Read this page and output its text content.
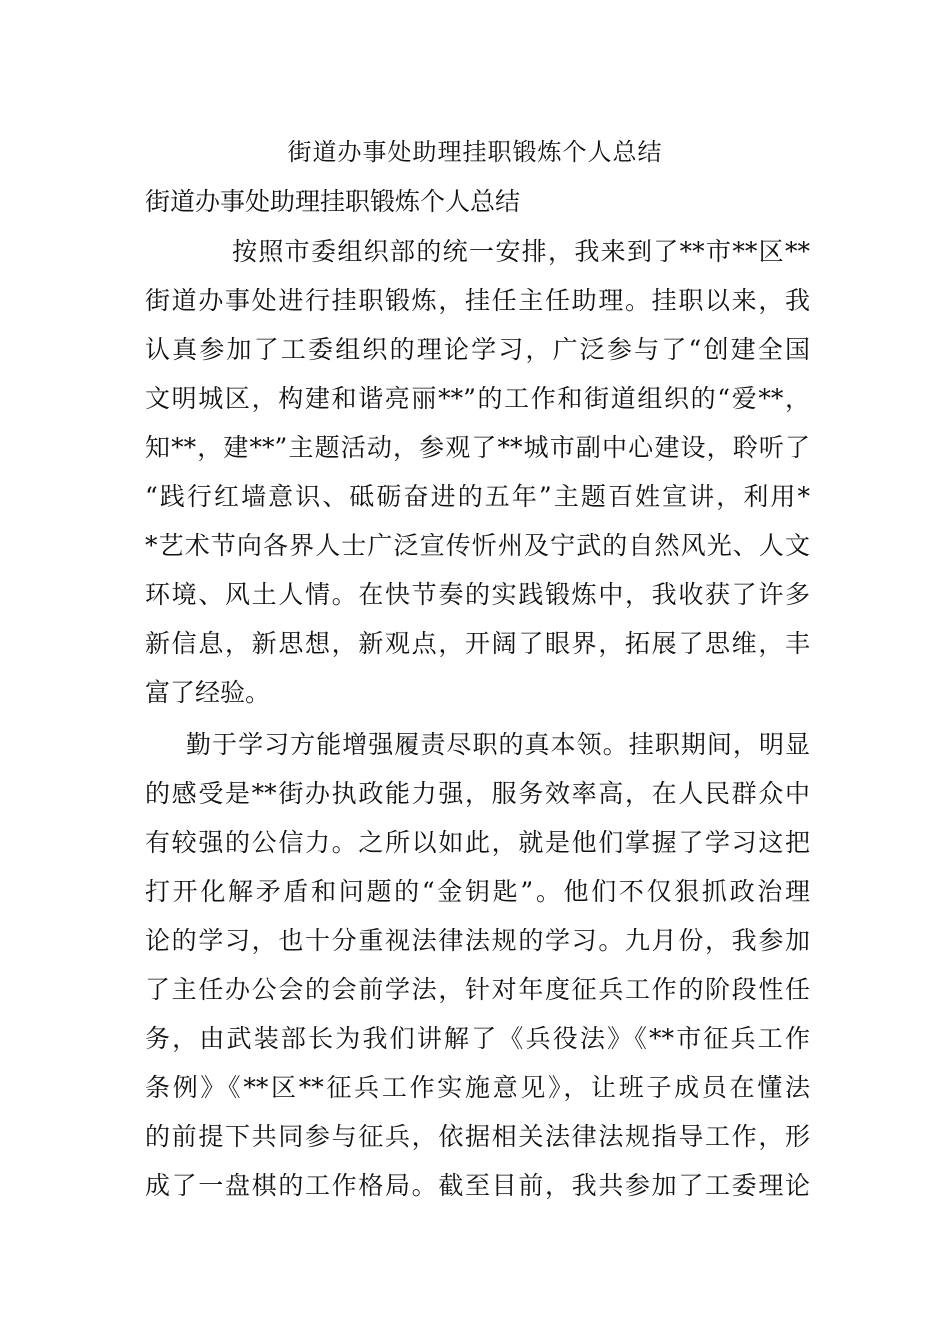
街道办事处助理挂职锻炼个人总结
街道办事处助理挂职锻炼个人总结
按照市委组织部的统一安排，我来到了**市**区**
街道办事处进行挂职锻炼，挂任主任助理。挂职以来，我
认真参加了工委组织的理论学习，广泛参与了“创建全国
文明城区，构建和谐亮丽**”的工作和街道组织的“爱**，
知**，建**”主题活动，参观了**城市副中心建设，聆听了
“践行红墙意识、砥砺奋进的五年”主题百姓宣讲，利用*
*艺术节向各界人士广泛宣传忻州及宁武的自然风光、人文
环境、风土人情。在快节奏的实践锻炼中，我收获了许多
新信息，新思想，新观点，开阔了眼界，拓展了思维，丰
富了经验。
勤于学习方能增强履责尽职的真本领。挂职期间，明显
的感受是**街办执政能力强，服务效率高，在人民群众中
有较强的公信力。之所以如此，就是他们掌握了学习这把
打开化解矛盾和问题的“金钥匙”。他们不仅狠抓政治理
论的学习，也十分重视法律法规的学习。九月份，我参加
了主任办公会的会前学法，针对年度征兵工作的阶段性任
务，由武装部长为我们讲解了《兵役法》《**市征兵工作
条例》《**区**征兵工作实施意见》，让班子成员在懂法
的前提下共同参与征兵，依据相关法律法规指导工作，形
成了一盘棋的工作格局。截至目前，我共参加了工委理论
